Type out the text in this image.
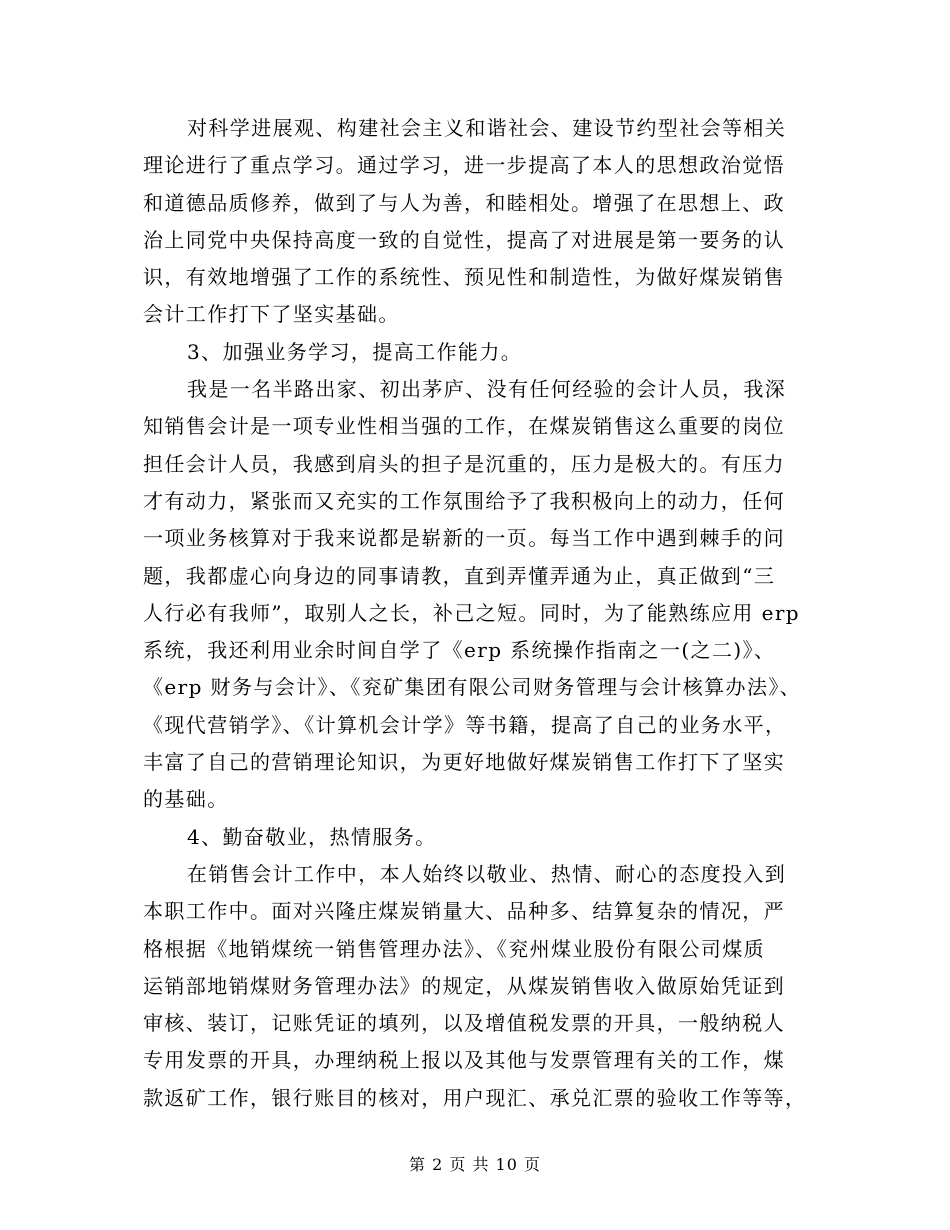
对科学进展观、构建社会主义和谐社会、建设节约型社会等相关
理论进行了重点学习。通过学习，进一步提高了本人的思想政治觉悟
和道德品质修养，做到了与人为善，和睦相处。增强了在思想上、政
治上同党中央保持高度一致的自觉性，提高了对进展是第一要务的认
识，有效地增强了工作的系统性、预见性和制造性，为做好煤炭销售
会计工作打下了坚实基础。
3、加强业务学习，提高工作能力。
我是一名半路出家、初出茅庐、没有任何经验的会计人员，我深
知销售会计是一项专业性相当强的工作，在煤炭销售这么重要的岗位
担任会计人员，我感到肩头的担子是沉重的，压力是极大的。有压力
才有动力，紧张而又充实的工作氛围给予了我积极向上的动力，任何
一项业务核算对于我来说都是崭新的一页。每当工作中遇到棘手的问
题，我都虚心向身边的同事请教，直到弄懂弄通为止，真正做到“三
人行必有我师”，取别人之长，补己之短。同时，为了能熟练应用 erp
系统，我还利用业余时间自学了《erp 系统操作指南之一(之二)》、
《erp 财务与会计》、《兖矿集团有限公司财务管理与会计核算办法》、
《现代营销学》、《计算机会计学》等书籍，提高了自己的业务水平，
丰富了自己的营销理论知识，为更好地做好煤炭销售工作打下了坚实
的基础。
4、勤奋敬业，热情服务。
在销售会计工作中，本人始终以敬业、热情、耐心的态度投入到
本职工作中。面对兴隆庄煤炭销量大、品种多、结算复杂的情况，严
格根据《地销煤统一销售管理办法》、《兖州煤业股份有限公司煤质
运销部地销煤财务管理办法》的规定，从煤炭销售收入做原始凭证到
审核、装订，记账凭证的填列，以及增值税发票的开具，一般纳税人
专用发票的开具，办理纳税上报以及其他与发票管理有关的工作，煤
款返矿工作，银行账目的核对，用户现汇、承兑汇票的验收工作等等，
第 2 页 共 10 页
